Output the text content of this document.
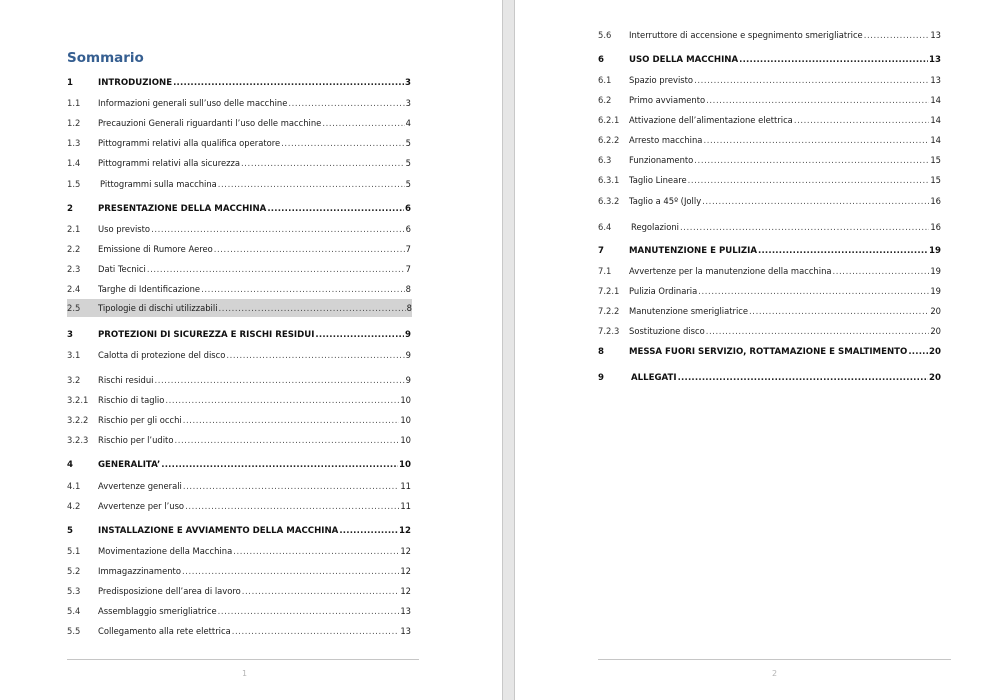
Sommario
1	INTRODUZIONE .....	3
1.1	Informazioni generali sull’uso delle macchine .....	3
1.2	Precauzioni Generali riguardanti l’uso delle macchine .....	4
1.3	Pittogrammi relativi alla qualifica operatore .....	5
1.4	Pittogrammi relativi alla sicurezza .....	5
1.5	Pittogrammi sulla macchina .....	5
2	PRESENTAZIONE DELLA MACCHINA .....	6
2.1	Uso previsto .....	6
2.2	Emissione di Rumore Aereo .....	7
2.3	Dati Tecnici .....	7
2.4	Targhe di Identificazione .....	8
2.5	Tipologie di dischi utilizzabili .....	8
3	PROTEZIONI DI SICUREZZA E RISCHI RESIDUI .....	9
3.1	Calotta di protezione del disco .....	9
3.2	Rischi residui .....	9
3.2.1	Rischio di taglio .....	10
3.2.2	Rischio per gli occhi .....	10
3.2.3	Rischio per l’udito .....	10
4	GENERALITA’ .....	10
4.1	Avvertenze generali .....	11
4.2	Avvertenze per l’uso .....	11
5	INSTALLAZIONE E AVVIAMENTO DELLA MACCHINA .....	12
5.1	Movimentazione della Macchina .....	12
5.2	Immagazzinamento .....	12
5.3	Predisposizione dell’area di lavoro .....	12
5.4	Assemblaggio smerigliatrice .....	13
5.5	Collegamento alla rete elettrica .....	13
1
5.6	Interruttore di accensione e spegnimento smerigliatrice .....	13
6	USO DELLA MACCHINA .....	13
6.1	Spazio previsto .....	13
6.2	Primo avviamento .....	14
6.2.1	Attivazione dell’alimentazione elettrica .....	14
6.2.2	Arresto macchina .....	14
6.3	Funzionamento .....	15
6.3.1	Taglio Lineare .....	15
6.3.2	Taglio a 45º (Jolly .....	16
6.4	Regolazioni .....	16
7	MANUTENZIONE E PULIZIA .....	19
7.1	Avvertenze per la manutenzione della macchina .....	19
7.2.1	Pulizia Ordinaria .....	19
7.2.2	Manutenzione smerigliatrice .....	20
7.2.3	Sostituzione disco .....	20
8	MESSA FUORI SERVIZIO, ROTTAMAZIONE E SMALTIMENTO .....	20
9	ALLEGATI .....	20
2
